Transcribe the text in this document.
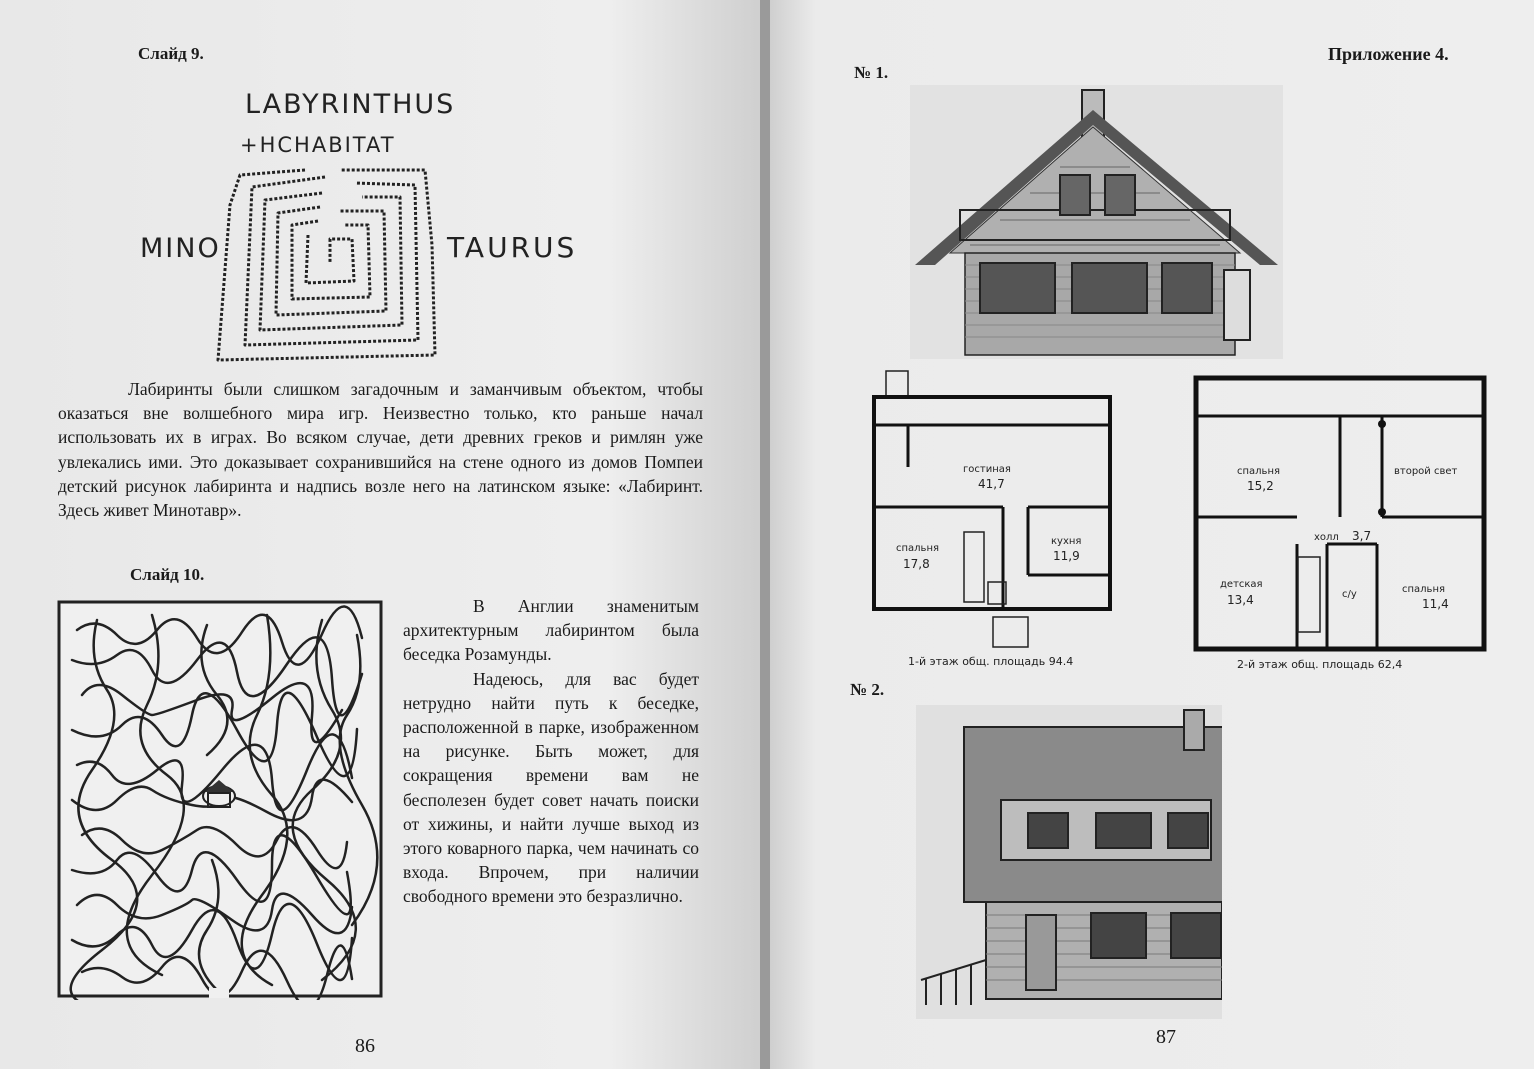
Слайд 9.
LABYRINTHUS
+HCHABITAT
MINO	TAURUS

Лабиринты были слишком загадочным и заманчивым объектом, чтобы оказаться вне волшебного мира игр. Неизвестно только, кто раньше начал использовать их в играх. Во всяком случае, дети древних греков и римлян уже увлекались ими. Это доказывает сохранившийся на стене одного из домов Помпеи детский рисунок лабиринта и надпись возле него на латинском языке: «Лабиринт. Здесь живет Минотавр».

Слайд 10.

В Англии знаменитым архитектурным лабиринтом была беседка Розамунды.

Надеюсь, для вас будет нетрудно найти путь к беседке, расположенной в парке, изображенном на рисунке. Быть может, для сокращения времени вам не бесполезен будет совет начать поиски от хижины, и найти лучше выход из этого коварного парка, чем начинать со входа. Впрочем, при наличии свободного времени это безразлично.

86
Приложение 4.
№ 1.
гостиная
41,7
спальня
17,8
кухня
11,9
1-й этаж общ. площадь 94.4
спальня
15,2
второй свет
холл 3,7
детская
13,4	с/у	спальня
11,4
2-й этаж общ. площадь 62,4
№ 2.
87
